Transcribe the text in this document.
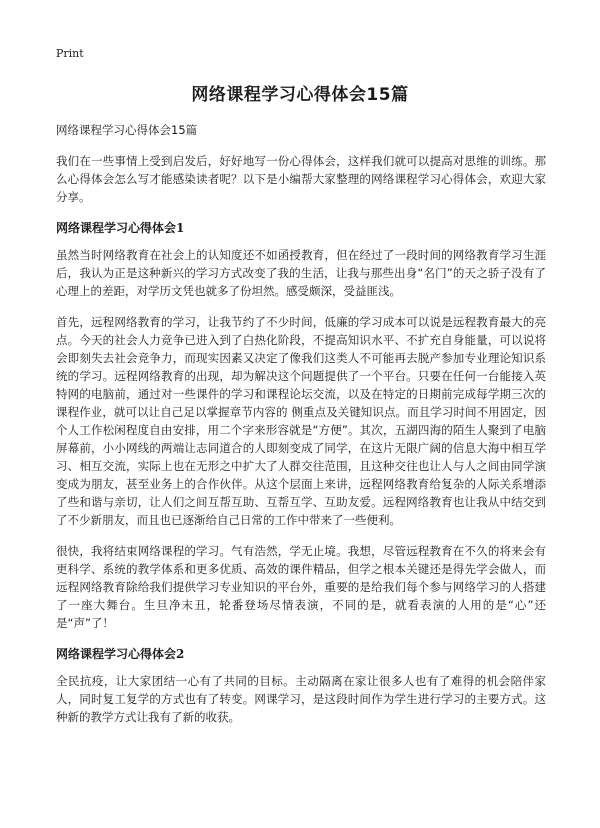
Print
网络课程学习心得体会15篇

网络课程学习心得体会15篇

我们在一些事情上受到启发后，好好地写一份心得体会，这样我们就可以提高对思维的训练。那么心得体会怎么写才能感染读者呢？以下是小编帮大家整理的网络课程学习心得体会，欢迎大家分享。

网络课程学习心得体会1

虽然当时网络教育在社会上的认知度还不如函授教育，但在经过了一段时间的网络教育学习生涯后，我认为正是这种新兴的学习方式改变了我的生活，让我与那些出身“名门”的天之骄子没有了心理上的差距，对学历文凭也就多了份坦然。感受颇深，受益匪浅。

首先，远程网络教育的学习，让我节约了不少时间，低廉的学习成本可以说是远程教育最大的亮点。今天的社会人力竞争已进入到了白热化阶段，不提高知识水平、不扩充自身能量，可以说将会即刻失去社会竞争力，而现实因素又决定了像我们这类人不可能再去脱产参加专业理论知识系统的学习。远程网络教育的出现，却为解决这个问题提供了一个平台。只要在任何一台能接入英特网的电脑前，通过对一些课件的学习和课程论坛交流，以及在特定的日期前完成每学期三次的课程作业，就可以让自己足以掌握章节内容的 侧重点及关键知识点。而且学习时间不用固定，因个人工作松闲程度自由安排，用二个字来形容就是“方便”。其次，五湖四海的陌生人聚到了电脑屏幕前，小小网线的两端让志同道合的人即刻变成了同学，在这片无限广阔的信息大海中相互学习、相互交流，实际上也在无形之中扩大了人群交往范围，且这种交往也让人与人之间由同学演变成为朋友，甚至业务上的合作伙伴。从这个层面上来讲，远程网络教育给复杂的人际关系增添了些和谐与亲切，让人们之间互帮互助、互帮互学、互助友爱。远程网络教育也让我从中结交到了不少新朋友，而且也已逐渐给自己日常的工作中带来了一些便利。

很快，我将结束网络课程的学习。气有浩然，学无止境。我想，尽管远程教育在不久的将来会有更科学、系统的教学体系和更多优质、高效的课件精品，但学之根本关键还是得先学会做人，而远程网络教育除给我们提供学习专业知识的平台外，重要的是给我们每个参与网络学习的人搭建了一座大舞台。生旦净末丑，轮番登场尽情表演，不同的是，就看表演的人用的是“心”还是“声”了！

网络课程学习心得体会2

全民抗疫，让大家团结一心有了共同的目标。主动隔离在家让很多人也有了难得的机会陪伴家人，同时复工复学的方式也有了转变。网课学习，是这段时间作为学生进行学习的主要方式。这种新的教学方式让我有了新的收获。
